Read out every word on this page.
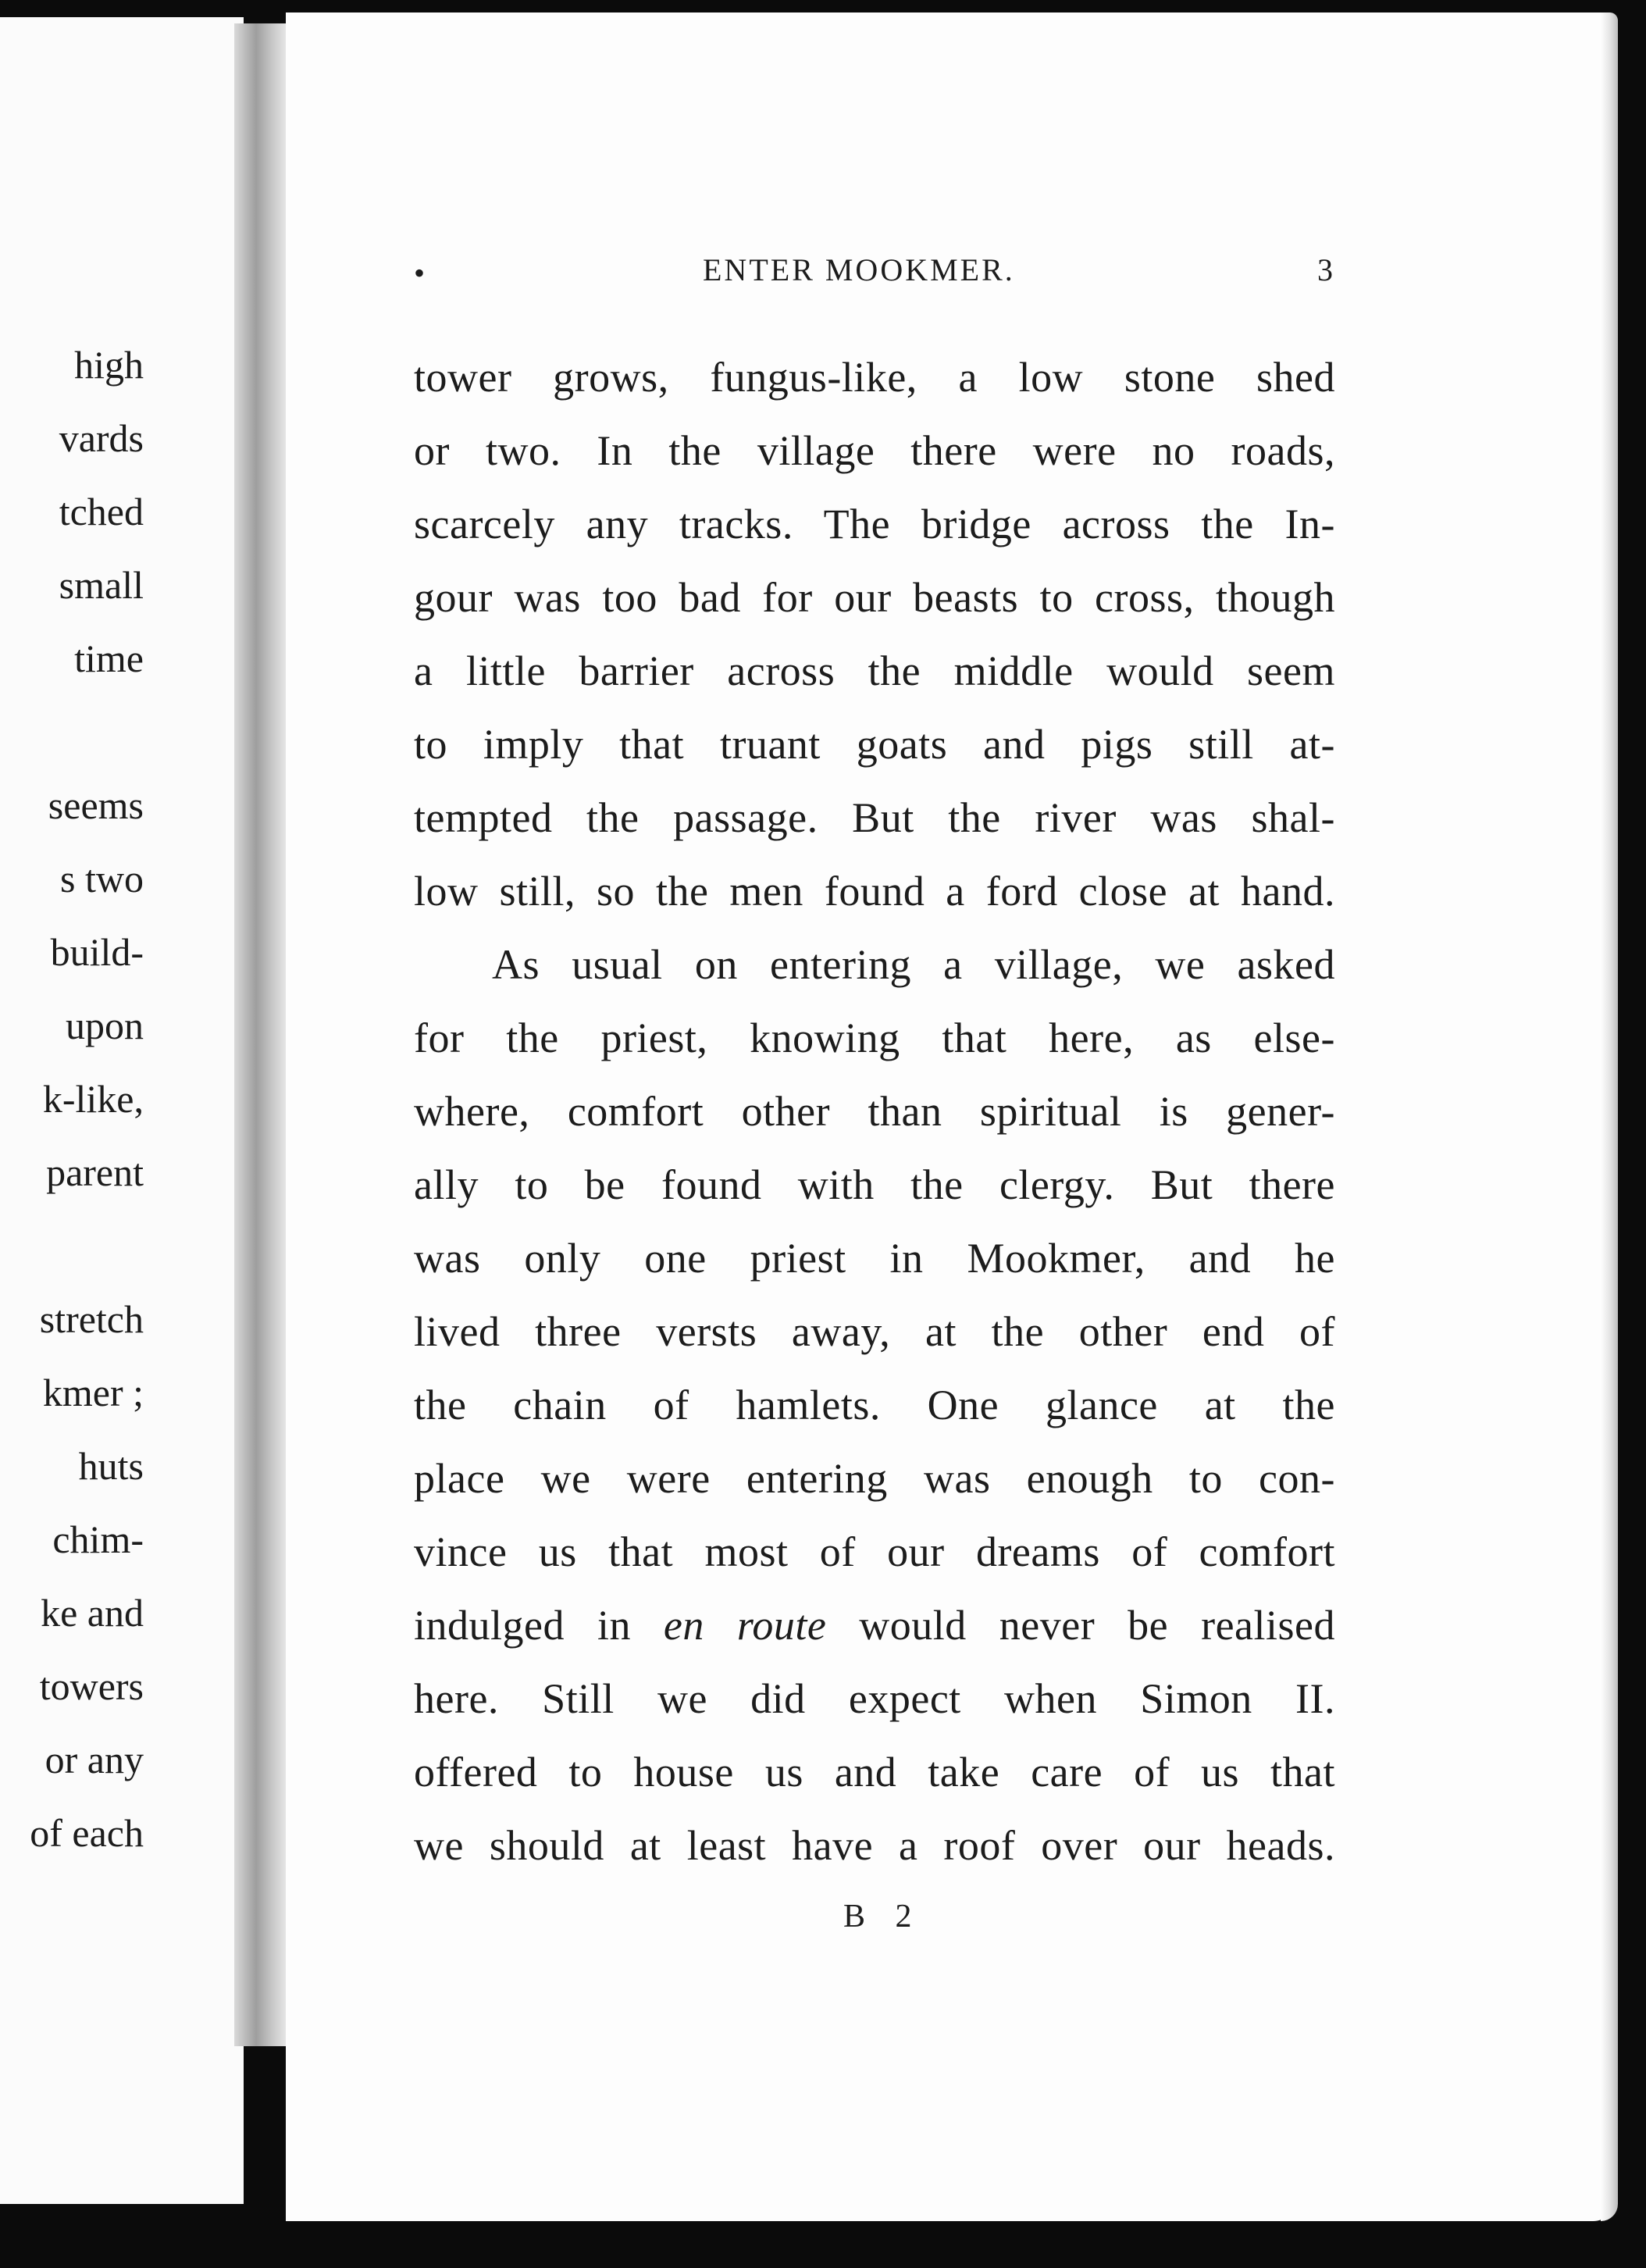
high
vards
tched
small
time
seems
s two
build-
upon
k-like,
parent
stretch
kmer ;
huts
chim-
ke and
towers
or any
of each
•	ENTER MOOKMER.	3
tower grows, fungus-like, a low stone shed
or two. In the village there were no roads,
scarcely any tracks. The bridge across the In-
gour was too bad for our beasts to cross, though
a little barrier across the middle would seem
to imply that truant goats and pigs still at-
tempted the passage. But the river was shal-
low still, so the men found a ford close at hand.
As usual on entering a village, we asked
for the priest, knowing that here, as else-
where, comfort other than spiritual is gener-
ally to be found with the clergy. But there
was only one priest in Mookmer, and he
lived three versts away, at the other end of
the chain of hamlets. One glance at the
place we were entering was enough to con-
vince us that most of our dreams of comfort
indulged in en route would never be realised
here. Still we did expect when Simon II.
offered to house us and take care of us that
we should at least have a roof over our heads.
B 2
